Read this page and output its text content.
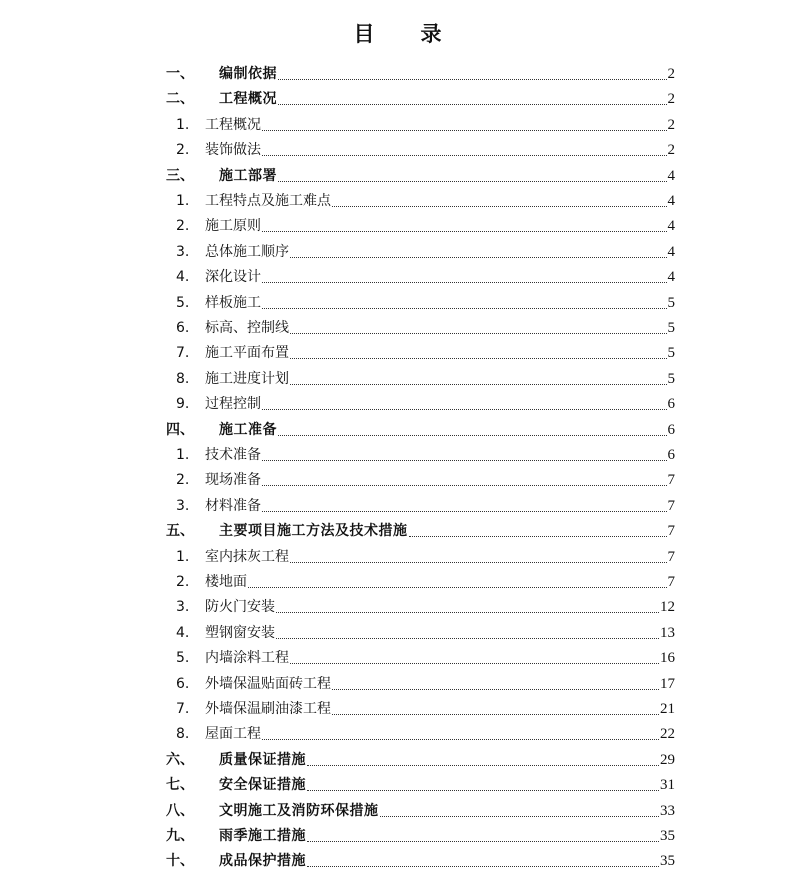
目 录
一、 编制依据	2
二、 工程概况	2
1. 工程概况	2
2. 装饰做法	2
三、 施工部署	4
1. 工程特点及施工难点	4
2. 施工原则	4
3. 总体施工顺序	4
4. 深化设计	4
5. 样板施工	5
6. 标高、控制线	5
7. 施工平面布置	5
8. 施工进度计划	5
9. 过程控制	6
四、 施工准备	6
1. 技术准备	6
2. 现场准备	7
3. 材料准备	7
五、 主要项目施工方法及技术措施	7
1. 室内抹灰工程	7
2. 楼地面	7
3. 防火门安装	12
4. 塑钢窗安装	13
5. 内墙涂料工程	16
6. 外墙保温贴面砖工程	17
7. 外墙保温刷油漆工程	21
8. 屋面工程	22
六、 质量保证措施	29
七、 安全保证措施	31
八、 文明施工及消防环保措施	33
九、 雨季施工措施	35
十、 成品保护措施	35
